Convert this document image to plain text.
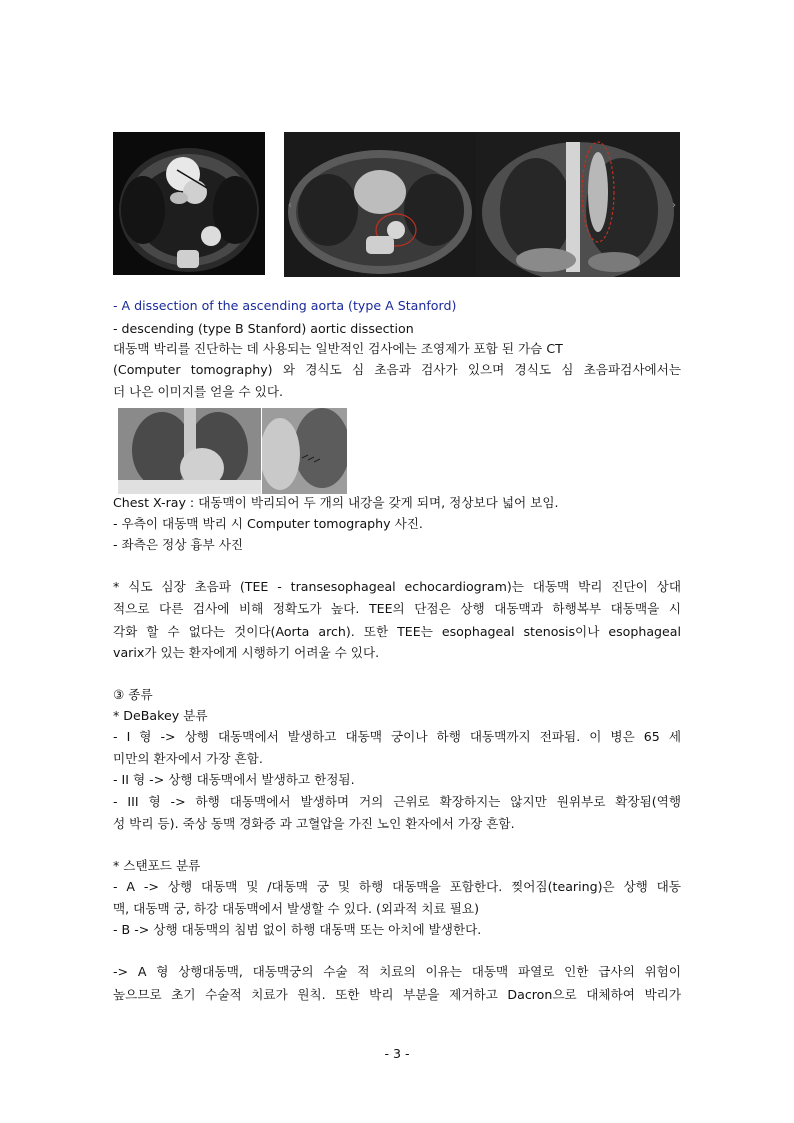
‹	›
- A dissection of the ascending aorta (type A Stanford)
- descending (type B Stanford) aortic dissection
대동맥 박리를 진단하는 데 사용되는 일반적인 검사에는 조영제가 포함 된 가슴 CT
(Computer tomography) 와 경식도 심 초음과 검사가 있으며 경식도 심 초음파검사에서는
더 나은 이미지를 얻을 수 있다.
Chest X-ray : 대동맥이 박리되어 두 개의 내강을 갖게 되며, 정상보다 넓어 보임.
- 우측이 대동맥 박리 시 Computer tomography 사진.
- 좌측은 정상 흉부 사진
* 식도 심장 초음파 (TEE - transesophageal echocardiogram)는 대동맥 박리 진단이 상대
적으로 다른 검사에 비해 정확도가 높다. TEE의 단점은 상행 대동맥과 하행복부 대동맥을 시
각화 할 수 없다는 것이다(Aorta arch). 또한 TEE는 esophageal stenosis이나 esophageal
varix가 있는 환자에게 시행하기 어려울 수 있다.
③ 종류
* DeBakey 분류
- I 형 -> 상행 대동맥에서 발생하고 대동맥 궁이나 하행 대동맥까지 전파됨. 이 병은 65 세
미만의 환자에서 가장 흔함.
- II 형 -> 상행 대동맥에서 발생하고 한정됨.
- III 형 -> 하행 대동맥에서 발생하며 거의 근위로 확장하지는 않지만 원위부로 확장됨(역행
성 박리 등). 죽상 동맥 경화증 과 고혈압을 가진 노인 환자에서 가장 흔함.
* 스탠포드 분류
- A -> 상행 대동맥 및 /대동맥 궁 및 하행 대동맥을 포함한다. 찢어짐(tearing)은 상행 대동
맥, 대동맥 궁, 하강 대동맥에서 발생할 수 있다. (외과적 치료 필요)
- B -> 상행 대동맥의 침범 없이 하행 대동맥 또는 아치에 발생한다.
-> A 형 상행대동맥, 대동맥궁의 수술 적 치료의 이유는 대동맥 파열로 인한 급사의 위험이
높으므로 초기 수술적 치료가 원칙. 또한 박리 부분을 제거하고 Dacron으로 대체하여 박리가
- 3 -
